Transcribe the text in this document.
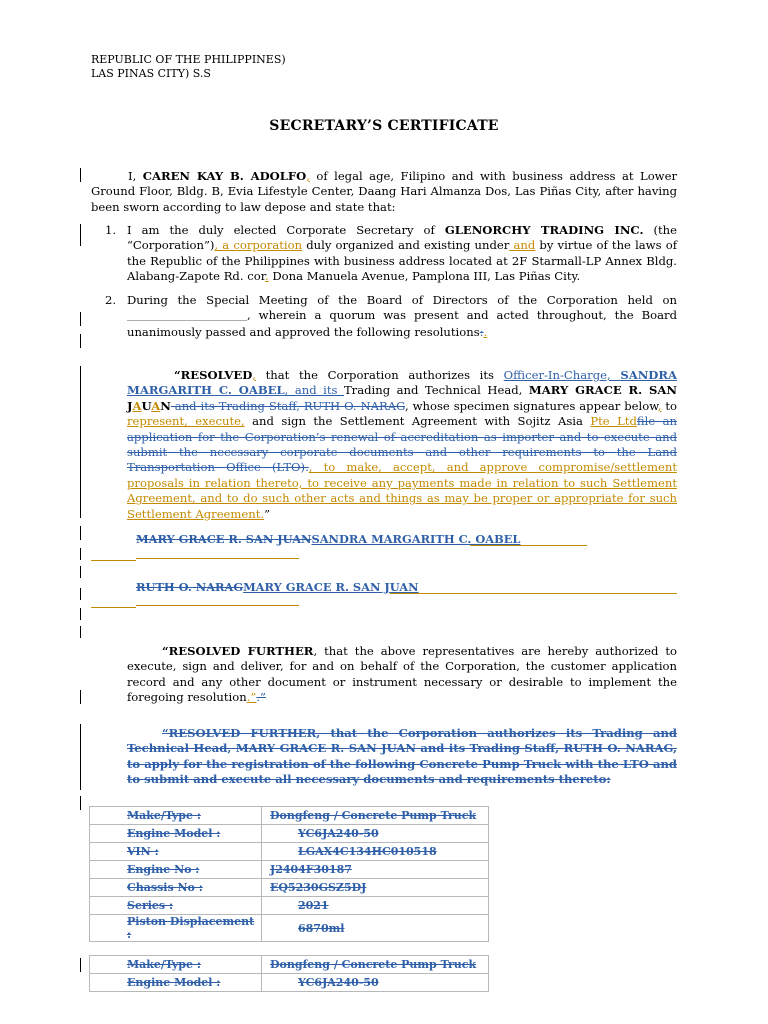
REPUBLIC OF THE PHILIPPINES)
LAS PINAS CITY) S.S
SECRETARY’S CERTIFICATE
I, CAREN KAY B. ADOLFO, of legal age, Filipino and with business address at Lower Ground Floor, Bldg. B, Evia Lifestyle Center, Daang Hari Almanza Dos, Las Piñas City, after having been sworn according to law depose and state that:
1. I am the duly elected Corporate Secretary of GLENORCHY TRADING INC. (the “Corporation”), a corporation duly organized and existing under and by virtue of the laws of the Republic of the Philippines with business address located at 2F Starmall-LP Annex Bldg. Alabang-Zapote Rd. cor. Dona Manuela Avenue, Pamplona III, Las Piñas City.
2. During the Special Meeting of the Board of Directors of the Corporation held on ______________________________, wherein a quorum was present and acted throughout, the Board unanimously passed and approved the following resolutions:.
“RESOLVED, that the Corporation authorizes its Officer-In-Charge, SANDRA MARGARITH C. OABEL, and its Trading and Technical Head, MARY GRACE R. SAN JAUAN and its Trading Staff, RUTH O. NARAG, whose specimen signatures appear below, to represent, execute, and sign the Settlement Agreement with Sojitz Asia Pte Ltdfile an application for the Corporation’s renewal of accreditation as importer and to execute and submit the necessary corporate documents and other requirements to the Land Transportation Office (LTO)., to make, accept, and approve compromise/settlement proposals in relation thereto, to receive any payments made in relation to such Settlement Agreement, and to do such other acts and things as may be proper or appropriate for such Settlement Agreement.”
MARY GRACE R. SAN JUANSANDRA MARGARITH C. OABEL
RUTH O. NARAGMARY GRACE R. SAN JUAN
“RESOLVED FURTHER, that the above representatives are hereby authorized to execute, sign and deliver, for and on behalf of the Corporation, the customer application record and any other document or instrument necessary or desirable to implement the foregoing resolution.”.”
“RESOLVED FURTHER, that the Corporation authorizes its Trading and Technical Head, MARY GRACE R. SAN JUAN and its Trading Staff, RUTH O. NARAG, to apply for the registration of the following Concrete Pump Truck with the LTO and to submit and execute all necessary documents and requirements thereto:
Make/Type :	Dongfeng / Concrete Pump Truck
Engine Model :	YC6JA240-50
VIN :	LGAX4C134HC010518
Engine No :	J2404F30187
Chassis No :	EQ5230GSZ5DJ
Series :	2021
Piston Displacement :	6870ml
Make/Type :	Dongfeng / Concrete Pump Truck
Engine Model :	YC6JA240-50
